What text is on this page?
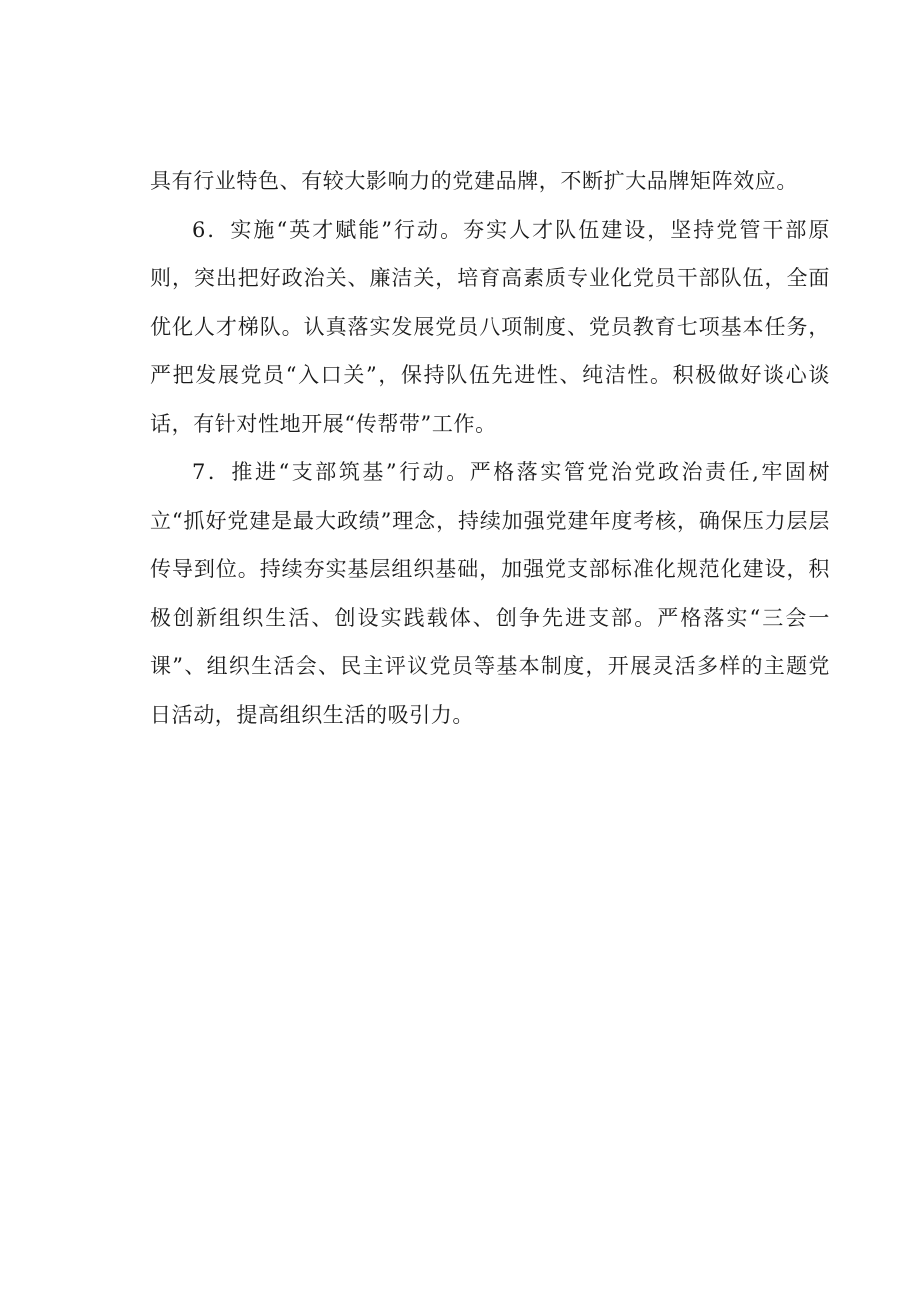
具有行业特色、有较大影响力的党建品牌，不断扩大品牌矩阵效应。

6．实施“英才赋能”行动。夯实人才队伍建设，坚持党管干部原则，突出把好政治关、廉洁关，培育高素质专业化党员干部队伍，全面优化人才梯队。认真落实发展党员八项制度、党员教育七项基本任务，严把发展党员“入口关”，保持队伍先进性、纯洁性。积极做好谈心谈话，有针对性地开展“传帮带”工作。

7．推进“支部筑基”行动。严格落实管党治党政治责任,牢固树立“抓好党建是最大政绩”理念，持续加强党建年度考核，确保压力层层传导到位。持续夯实基层组织基础，加强党支部标准化规范化建设，积极创新组织生活、创设实践载体、创争先进支部。严格落实“三会一课”、组织生活会、民主评议党员等基本制度，开展灵活多样的主题党日活动，提高组织生活的吸引力。
